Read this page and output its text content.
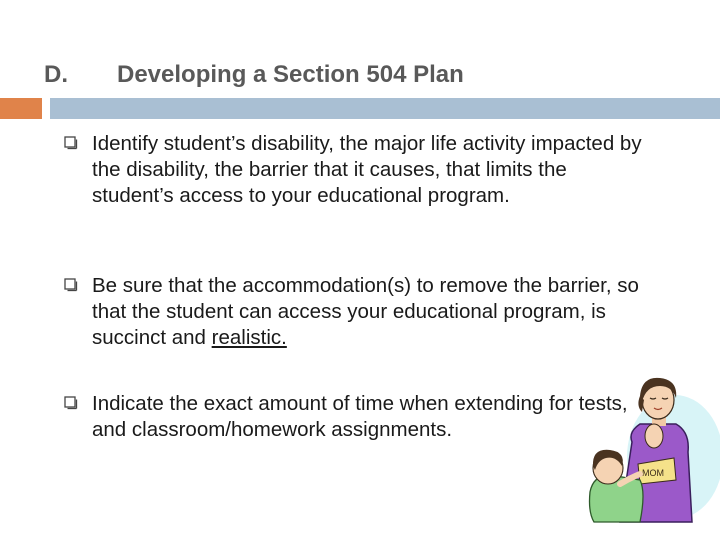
D. Developing a Section 504 Plan
Identify student’s disability, the major life activity impacted by the disability, the barrier that it causes, that limits the student’s access to your educational program.
Be sure that the accommodation(s) to remove the barrier, so that the student can access your educational program, is succinct and realistic.
Indicate the exact amount of time when extending for tests, and classroom/homework assignments.
MOM
